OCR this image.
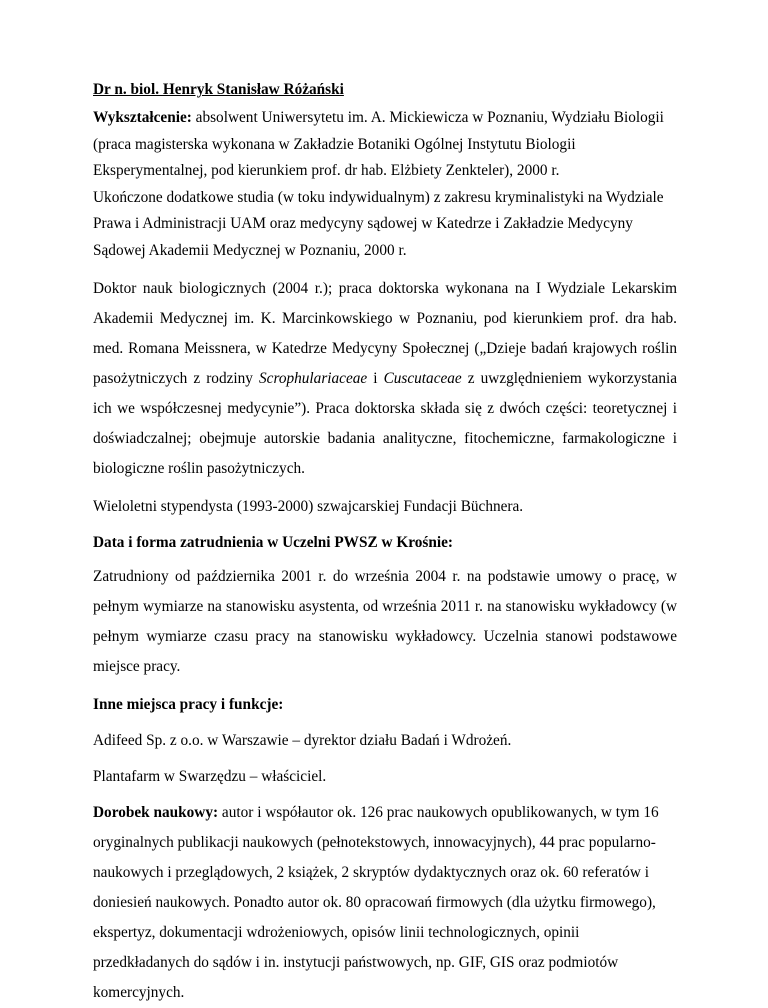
Dr n. biol. Henryk Stanisław Różański

Wykształcenie: absolwent Uniwersytetu im. A. Mickiewicza w Poznaniu, Wydziału Biologii (praca magisterska wykonana w Zakładzie Botaniki Ogólnej Instytutu Biologii Eksperymentalnej, pod kierunkiem prof. dr hab. Elżbiety Zenkteler), 2000 r.

Ukończone dodatkowe studia (w toku indywidualnym) z zakresu kryminalistyki na Wydziale Prawa i Administracji UAM oraz medycyny sądowej w Katedrze i Zakładzie Medycyny Sądowej Akademii Medycznej w Poznaniu, 2000 r.

Doktor nauk biologicznych (2004 r.); praca doktorska wykonana na I Wydziale Lekarskim Akademii Medycznej im. K. Marcinkowskiego w Poznaniu, pod kierunkiem prof. dra hab. med. Romana Meissnera, w Katedrze Medycyny Społecznej („Dzieje badań krajowych roślin pasożytniczych z rodziny Scrophulariaceae i Cuscutaceae z uwzględnieniem wykorzystania ich we współczesnej medycynie”). Praca doktorska składa się z dwóch części: teoretycznej i doświadczalnej; obejmuje autorskie badania analityczne, fitochemiczne, farmakologiczne i biologiczne roślin pasożytniczych.

Wieloletni stypendysta (1993-2000) szwajcarskiej Fundacji Büchnera.

Data i forma zatrudnienia w Uczelni PWSZ w Krośnie:

Zatrudniony od października 2001 r. do września 2004 r. na podstawie umowy o pracę, w pełnym wymiarze na stanowisku asystenta, od września 2011 r. na stanowisku wykładowcy (w pełnym wymiarze czasu pracy na stanowisku wykładowcy. Uczelnia stanowi podstawowe miejsce pracy.

Inne miejsca pracy i funkcje:

Adifeed Sp. z o.o. w Warszawie – dyrektor działu Badań i Wdrożeń.

Plantafarm w Swarzędzu – właściciel.

Dorobek naukowy: autor i współautor ok. 126 prac naukowych opublikowanych, w tym 16 oryginalnych publikacji naukowych (pełnotekstowych, innowacyjnych), 44 prac popularno-naukowych i przeglądowych, 2 książek, 2 skryptów dydaktycznych oraz ok. 60 referatów i doniesień naukowych. Ponadto autor ok. 80 opracowań firmowych (dla użytku firmowego), ekspertyz, dokumentacji wdrożeniowych, opisów linii technologicznych, opinii przedkładanych do sądów i in. instytucji państwowych, np. GIF, GIS oraz podmiotów komercyjnych.
